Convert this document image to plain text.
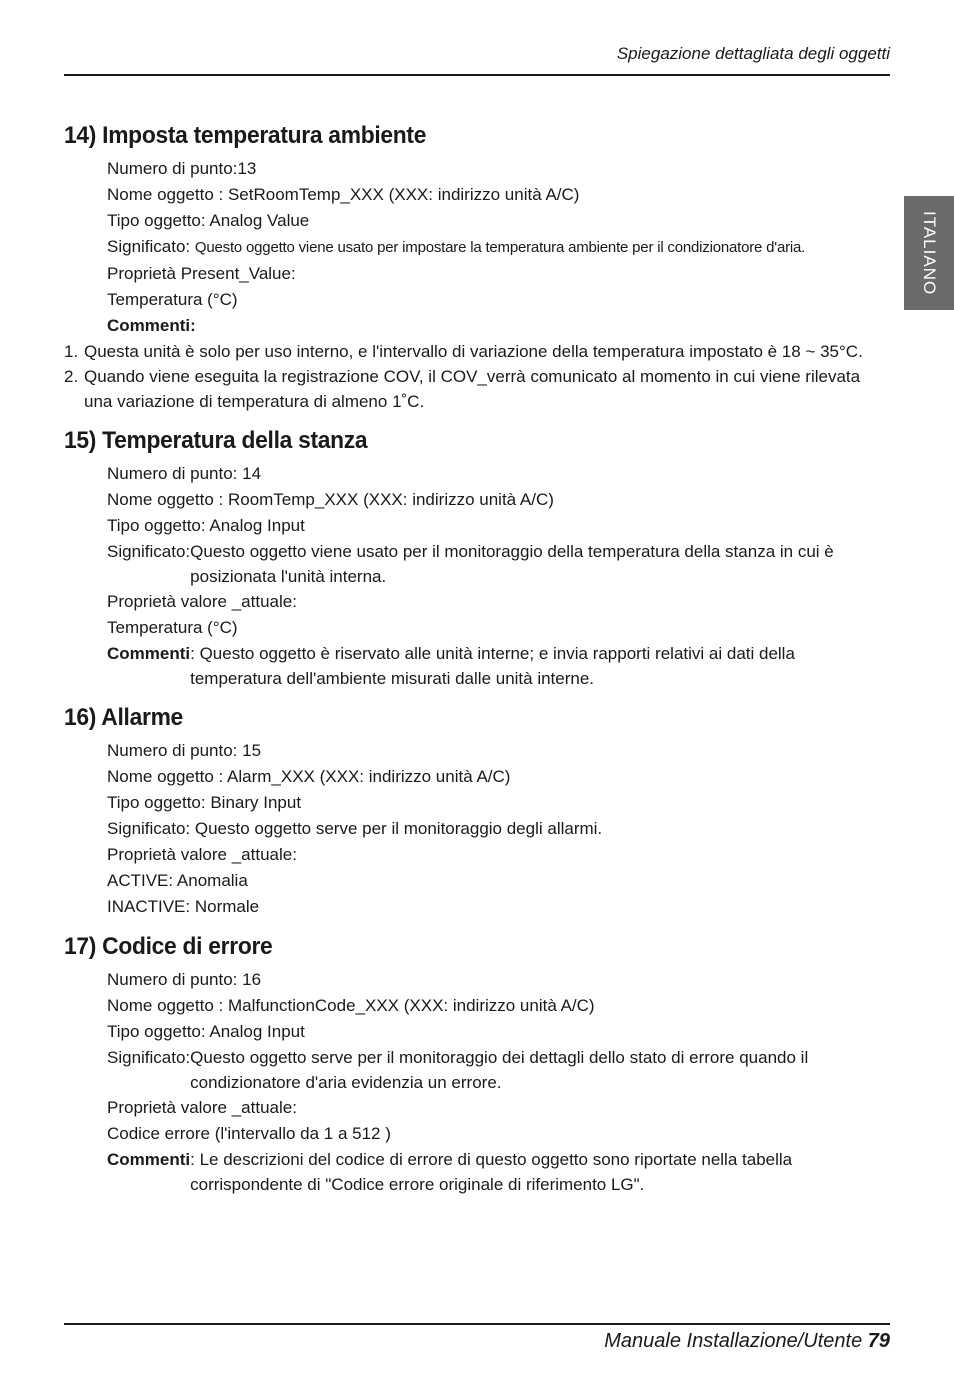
Spiegazione dettagliata degli oggetti
ITALIANO
14) Imposta temperatura ambiente
Numero di punto:13
Nome oggetto : SetRoomTemp_XXX (XXX: indirizzo unità A/C)
Tipo oggetto: Analog Value
Significato: Questo oggetto viene usato per impostare la temperatura ambiente per il condizionatore d'aria.
Proprietà Present_Value:
Temperatura (°C)
Commenti:
1. Questa unità è solo per uso interno, e l'intervallo di variazione della temperatura impostato è 18 ~ 35°C.
2. Quando viene eseguita la registrazione COV, il COV_verrà comunicato al momento in cui viene rilevata una variazione di temperatura di almeno 1˚C.
15) Temperatura della stanza
Numero di punto: 14
Nome oggetto : RoomTemp_XXX (XXX: indirizzo unità A/C)
Tipo oggetto: Analog Input
Significato: Questo oggetto viene usato per il monitoraggio della temperatura della stanza in cui è posizionata l'unità interna.
Proprietà valore _attuale:
Temperatura (°C)
Commenti : Questo oggetto è riservato alle unità interne; e invia rapporti relativi ai dati della temperatura dell'ambiente misurati dalle unità interne.
16) Allarme
Numero di punto: 15
Nome oggetto : Alarm_XXX (XXX: indirizzo unità A/C)
Tipo oggetto: Binary Input
Significato: Questo oggetto serve per il monitoraggio degli allarmi.
Proprietà valore _attuale:
ACTIVE: Anomalia
INACTIVE: Normale
17) Codice di errore
Numero di punto: 16
Nome oggetto : MalfunctionCode_XXX (XXX: indirizzo unità A/C)
Tipo oggetto: Analog Input
Significato: Questo oggetto serve per il monitoraggio dei dettagli dello stato di errore quando il condizionatore d'aria evidenzia un errore.
Proprietà valore _attuale:
Codice errore (l'intervallo da 1 a 512 )
Commenti : Le descrizioni del codice di errore di questo oggetto sono riportate nella tabella corrispondente di "Codice errore originale di riferimento LG".
Manuale Installazione/Utente 79
